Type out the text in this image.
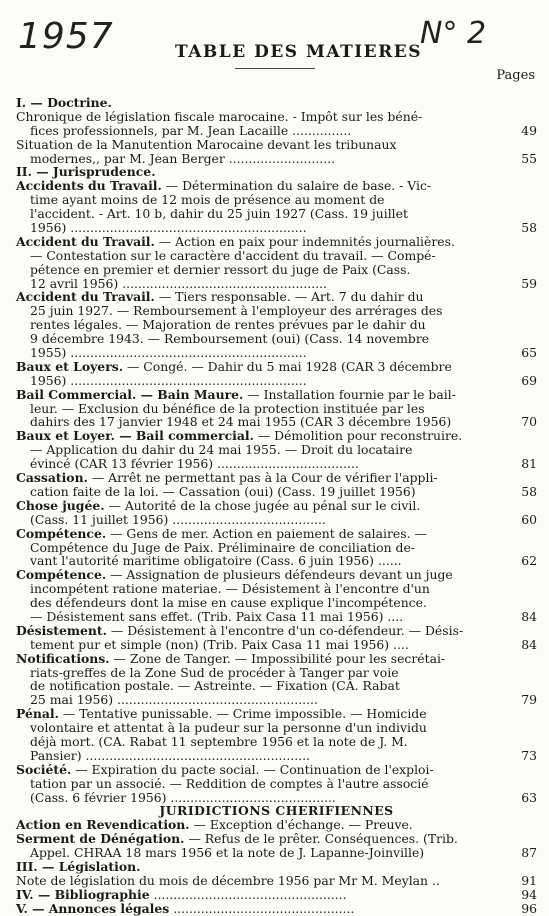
1957	N° 2
TABLE DES MATIERES
Pages
I. — Doctrine.
Chronique de législation fiscale marocaine. - Impôt sur les béné-
fices professionnels, par M. Jean Lacaille ...............	49
Situation de la Manutention Marocaine devant les tribunaux
modernes,, par M. Jean Berger ...........................	55
II. — Jurisprudence.
Accidents du Travail. — Détermination du salaire de base. - Vic-
time ayant moins de 12 mois de présence au moment de
l'accident. - Art. 10 b, dahir du 25 juin 1927 (Cass. 19 juillet
1956) ............................................................	58
Accident du Travail. — Action en paix pour indemnités journalières.
— Contestation sur le caractère d'accident du travail. — Compé-
pétence en premier et dernier ressort du juge de Paix (Cass.
12 avril 1956) ....................................................	59
Accident du Travail. — Tiers responsable. — Art. 7 du dahir du
25 juin 1927. — Remboursement à l'employeur des arrérages des
rentes légales. — Majoration de rentes prévues par le dahir du
9 décembre 1943. — Remboursement (oui) (Cass. 14 novembre
1955) ............................................................	65
Baux et Loyers. — Congé. — Dahir du 5 mai 1928 (CAR 3 décembre
1956) ............................................................	69
Bail Commercial. — Bain Maure. — Installation fournie par le bail-
leur. — Exclusion du bénéfice de la protection instituée par les
dahirs des 17 janvier 1948 et 24 mai 1955 (CAR 3 décembre 1956)	70
Baux et Loyer. — Bail commercial. — Démolition pour reconstruire.
— Application du dahir du 24 mai 1955. — Droit du locataire
évincé (CAR 13 février 1956) ....................................	81
Cassation. — Arrêt ne permettant pas à la Cour de vérifier l'appli-
cation faite de la loi. — Cassation (oui) (Cass. 19 juillet 1956)	58
Chose jugée. — Autorité de la chose jugée au pénal sur le civil.
(Cass. 11 juillet 1956) .......................................	60
Compétence. — Gens de mer. Action en paiement de salaires. —
Compétence du Juge de Paix. Préliminaire de conciliation de-
vant l'autorité maritime obligatoire (Cass. 6 juin 1956) ......	62
Compétence. — Assignation de plusieurs défendeurs devant un juge
incompétent ratione materiae. — Désistement à l'encontre d'un
des défendeurs dont la mise en cause explique l'incompétence.
— Désistement sans effet. (Trib. Paix Casa 11 mai 1956) ....	84
Désistement. — Désistement à l'encontre d'un co-défendeur. — Désis-
tement pur et simple (non) (Trib. Paix Casa 11 mai 1956) ....	84
Notifications. — Zone de Tanger. — Impossibilité pour les secrétai-
riats-greffes de la Zone Sud de procéder à Tanger par voie
de notification postale. — Astreinte. — Fixation (CA. Rabat
25 mai 1956) ...................................................	79
Pénal. — Tentative punissable. — Crime impossible. — Homicide
volontaire et attentat à la pudeur sur la personne d'un individu
déjà mort. (CA. Rabat 11 septembre 1956 et la note de J. M.
Pansier) .........................................................	73
Société. — Expiration du pacte social. — Continuation de l'exploi-
tation par un associé. — Reddition de comptes à l'autre associé
(Cass. 6 février 1956) ..........................................	63
JURIDICTIONS CHERIFIENNES
Action en Revendication. — Exception d'échange. — Preuve.
Serment de Dénégation. — Refus de le prêter. Conséquences. (Trib.
Appel. CHRAA 18 mars 1956 et la note de J. Lapanne-Joinville)	87
III. — Législation.
Note de législation du mois de décembre 1956 par Mr M. Meylan ..	91
IV. — Bibliographie .................................................	94
V. — Annonces légales ..............................................	96
